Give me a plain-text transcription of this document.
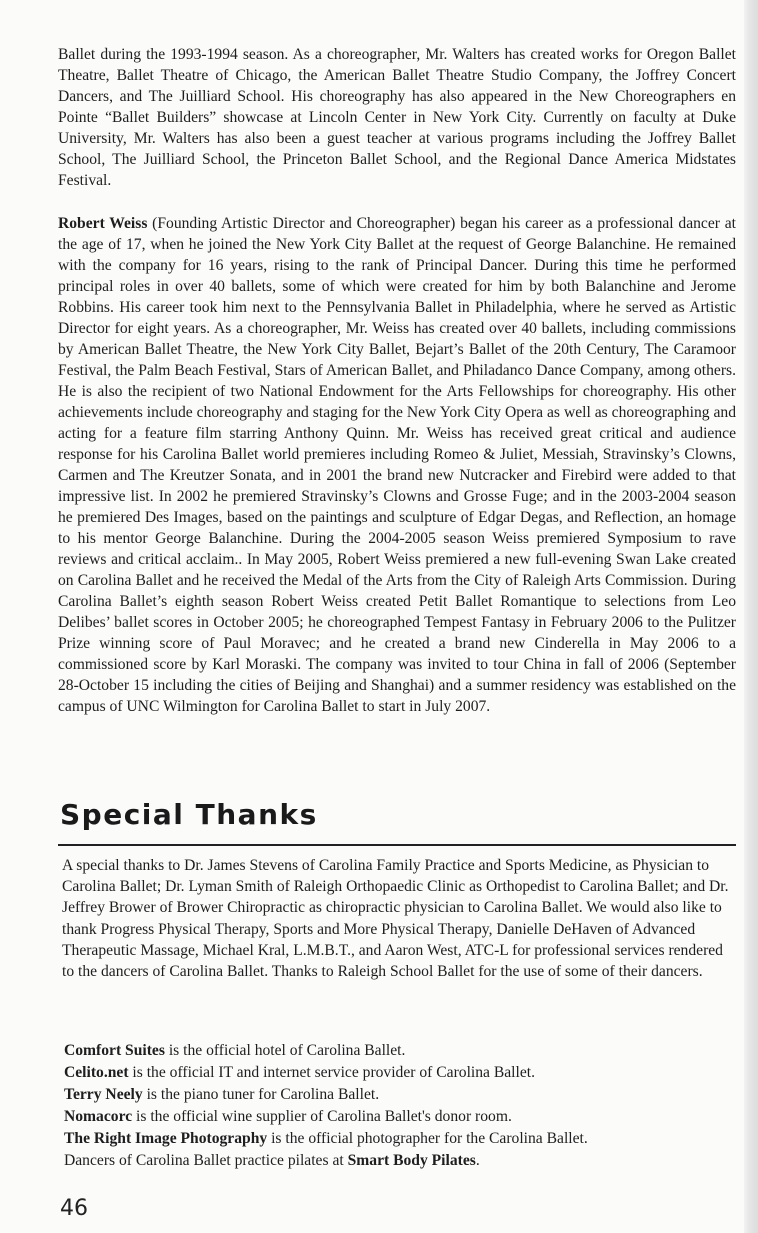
Ballet during the 1993-1994 season. As a choreographer, Mr. Walters has created works for Oregon Ballet Theatre, Ballet Theatre of Chicago, the American Ballet Theatre Studio Company, the Joffrey Concert Dancers, and The Juilliard School. His choreography has also appeared in the New Choreographers en Pointe “Ballet Builders” showcase at Lincoln Center in New York City. Currently on faculty at Duke University, Mr. Walters has also been a guest teacher at various programs including the Joffrey Ballet School, The Juilliard School, the Princeton Ballet School, and the Regional Dance America Midstates Festival.

Robert Weiss (Founding Artistic Director and Choreographer) began his career as a professional dancer at the age of 17, when he joined the New York City Ballet at the request of George Balanchine. He remained with the company for 16 years, rising to the rank of Principal Dancer. During this time he performed principal roles in over 40 ballets, some of which were created for him by both Balanchine and Jerome Robbins. His career took him next to the Pennsylvania Ballet in Philadelphia, where he served as Artistic Director for eight years. As a choreographer, Mr. Weiss has created over 40 ballets, including commissions by American Ballet Theatre, the New York City Ballet, Bejart’s Ballet of the 20th Century, The Caramoor Festival, the Palm Beach Festival, Stars of American Ballet, and Philadanco Dance Company, among others. He is also the recipient of two National Endowment for the Arts Fellowships for choreography. His other achievements include choreography and staging for the New York City Opera as well as choreographing and acting for a feature film starring Anthony Quinn. Mr. Weiss has received great critical and audience response for his Carolina Ballet world premieres including Romeo & Juliet, Messiah, Stravinsky’s Clowns, Carmen and The Kreutzer Sonata, and in 2001 the brand new Nutcracker and Firebird were added to that impressive list. In 2002 he premiered Stravinsky’s Clowns and Grosse Fuge; and in the 2003-2004 season he premiered Des Images, based on the paintings and sculpture of Edgar Degas, and Reflection, an homage to his mentor George Balanchine. During the 2004-2005 season Weiss premiered Symposium to rave reviews and critical acclaim.. In May 2005, Robert Weiss premiered a new full-evening Swan Lake created on Carolina Ballet and he received the Medal of the Arts from the City of Raleigh Arts Commission. During Carolina Ballet’s eighth season Robert Weiss created Petit Ballet Romantique to selections from Leo Delibes’ ballet scores in October 2005; he choreographed Tempest Fantasy in February 2006 to the Pulitzer Prize winning score of Paul Moravec; and he created a brand new Cinderella in May 2006 to a commissioned score by Karl Moraski. The company was invited to tour China in fall of 2006 (September 28-October 15 including the cities of Beijing and Shanghai) and a summer residency was established on the campus of UNC Wilmington for Carolina Ballet to start in July 2007.

Special Thanks

A special thanks to Dr. James Stevens of Carolina Family Practice and Sports Medicine, as Physician to Carolina Ballet; Dr. Lyman Smith of Raleigh Orthopaedic Clinic as Orthopedist to Carolina Ballet; and Dr. Jeffrey Brower of Brower Chiropractic as chiropractic physician to Carolina Ballet. We would also like to thank Progress Physical Therapy, Sports and More Physical Therapy, Danielle DeHaven of Advanced Therapeutic Massage, Michael Kral, L.M.B.T., and Aaron West, ATC-L for professional services rendered to the dancers of Carolina Ballet. Thanks to Raleigh School Ballet for the use of some of their dancers.

Comfort Suites is the official hotel of Carolina Ballet.

Celito.net is the official IT and internet service provider of Carolina Ballet.

Terry Neely is the piano tuner for Carolina Ballet.

Nomacorc is the official wine supplier of Carolina Ballet's donor room.

The Right Image Photography is the official photographer for the Carolina Ballet.

Dancers of Carolina Ballet practice pilates at Smart Body Pilates.

46
